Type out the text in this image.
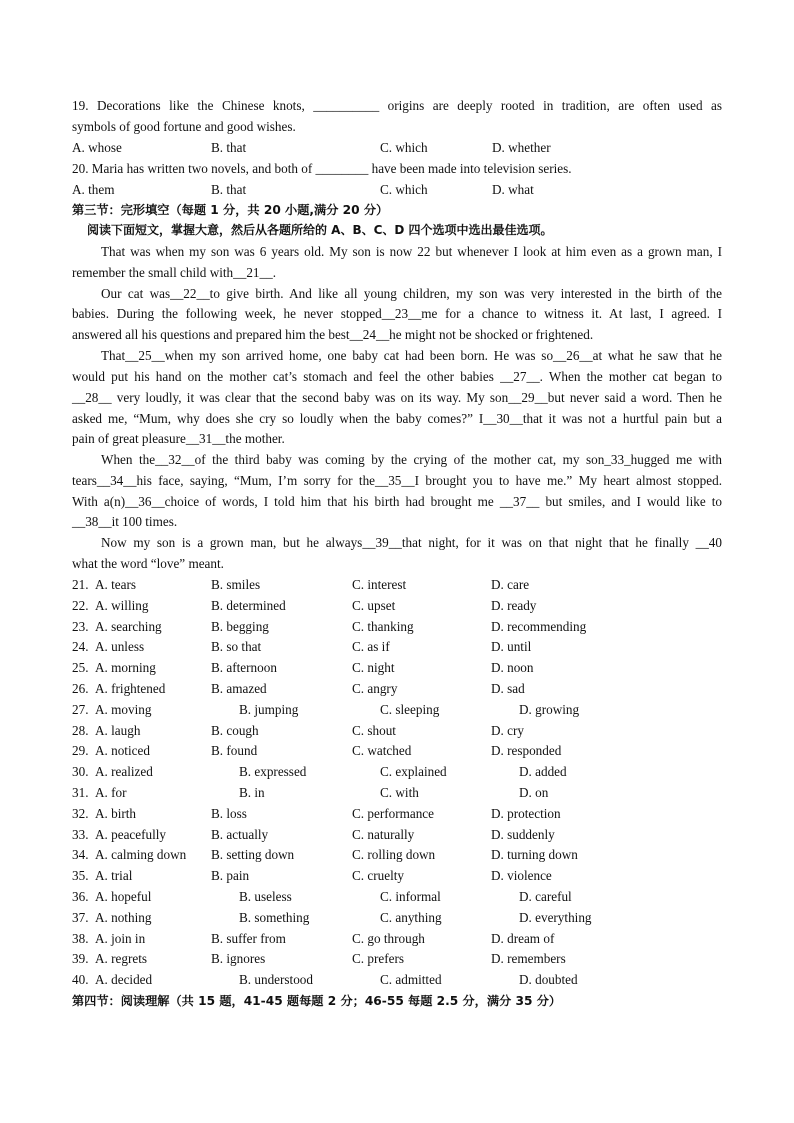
19. Decorations like the Chinese knots, __________ origins are deeply rooted in tradition, are often used as
symbols of good fortune and good wishes.
A. whose	B. that	C. which	D. whether
20. Maria has written two novels, and both of ________ have been made into television series.
A. them	B. that	C. which	D. what
第三节：完形填空（每题 1 分，共 20 小题,满分 20 分）
阅读下面短文，掌握大意，然后从各题所给的 A、B、C、D 四个选项中选出最佳选项。
That was when my son was 6 years old. My son is now 22 but whenever I look at him even as a grown man, I
remember the small child with__21__.
Our cat was__22__to give birth. And like all young children, my son was very interested in the birth of the
babies. During the following week, he never stopped__23__me for a chance to witness it. At last, I agreed. I
answered all his questions and prepared him the best__24__he might not be shocked or frightened.
That__25__when my son arrived home, one baby cat had been born. He was so__26__at what he saw that he
would put his hand on the mother cat’s stomach and feel the other babies __27__. When the mother cat began to
__28__ very loudly, it was clear that the second baby was on its way. My son__29__but never said a word. Then he
asked me, “Mum, why does she cry so loudly when the baby comes?” I__30__that it was not a hurtful pain but a
pain of great pleasure__31__the mother.
When the__32__of the third baby was coming by the crying of the mother cat, my son_33_hugged me with
tears__34__his face, saying, “Mum, I’m sorry for the__35__I brought you to have me.” My heart almost stopped.
With a(n)__36__choice of words, I told him that his birth had brought me __37__ but smiles, and I would like to
__38__it 100 times.
Now my son is a grown man, but he always__39__that night, for it was on that night that he finally __40
what the word “love” meant.
21. A. tears	B. smiles	C. interest	D. care
22. A. willing	B. determined	C. upset	D. ready
23. A. searching	B. begging	C. thanking	D. recommending
24. A. unless	B. so that	C. as if	D. until
25. A. morning	B. afternoon	C. night	D. noon
26. A. frightened	B. amazed	C. angry	D. sad
27. A. moving	B. jumping	C. sleeping	D. growing
28. A. laugh	B. cough	C. shout	D. cry
29. A. noticed	B. found	C. watched	D. responded
30. A. realized	B. expressed	C. explained	D. added
31. A. for	B. in	C. with	D. on
32. A. birth	B. loss	C. performance	D. protection
33. A. peacefully	B. actually	C. naturally	D. suddenly
34. A. calming down B. setting down	C. rolling down	D. turning down
35. A. trial	B. pain	C. cruelty	D. violence
36. A. hopeful	B. useless	C. informal	D. careful
37. A. nothing	B. something	C. anything	D. everything
38. A. join in	B. suffer from	C. go through	D. dream of
39. A. regrets	B. ignores	C. prefers	D. remembers
40. A. decided	B. understood	C. admitted	D. doubted
第四节：阅读理解（共 15 题，41-45 题每题 2 分；46-55 每题 2.5 分，满分 35 分）
